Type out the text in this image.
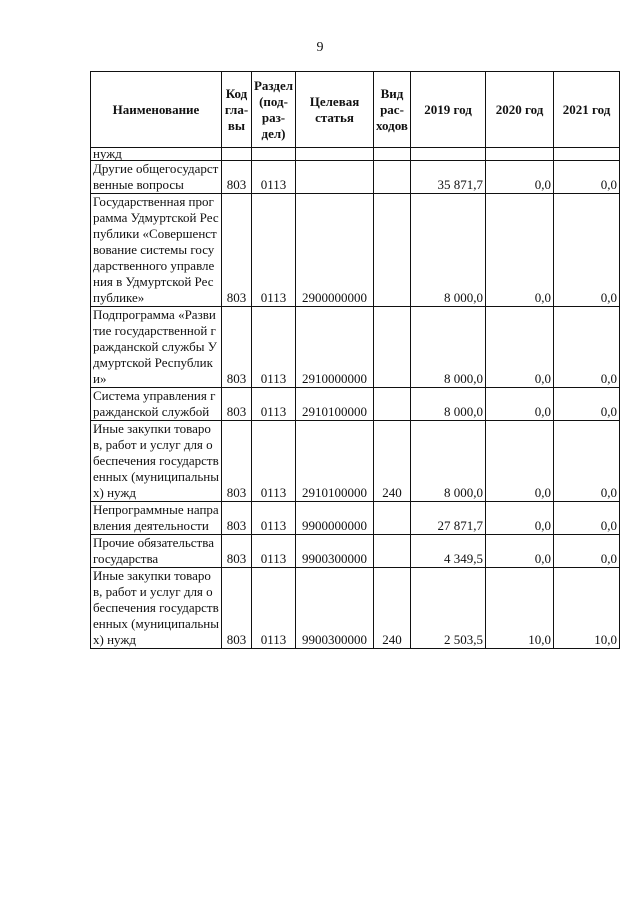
9
Наименование	Код гла- вы	Раздел (под- раз- дел)	Целевая статья	Вид рас- ходов	2019 год	2020 год	2021 год
нужд							
Другие общегосударственные вопросы	803	0113			35 871,7	0,0	0,0
Государственная программа Удмуртской Республики «Совершенствование системы государственного управления в Удмуртской Республике»	803	0113	2900000000		8 000,0	0,0	0,0
Подпрограмма «Развитие государственной гражданской службы Удмуртской Республики»	803	0113	2910000000		8 000,0	0,0	0,0
Система управления гражданской службой	803	0113	2910100000		8 000,0	0,0	0,0
Иные закупки товаров, работ и услуг для обеспечения государственных (муниципальных) нужд	803	0113	2910100000	240	8 000,0	0,0	0,0
Непрограммные направления деятельности	803	0113	9900000000		27 871,7	0,0	0,0
Прочие обязательства государства	803	0113	9900300000		4 349,5	0,0	0,0
Иные закупки товаров, работ и услуг для обеспечения государственных (муниципальных) нужд	803	0113	9900300000	240	2 503,5	10,0	10,0
